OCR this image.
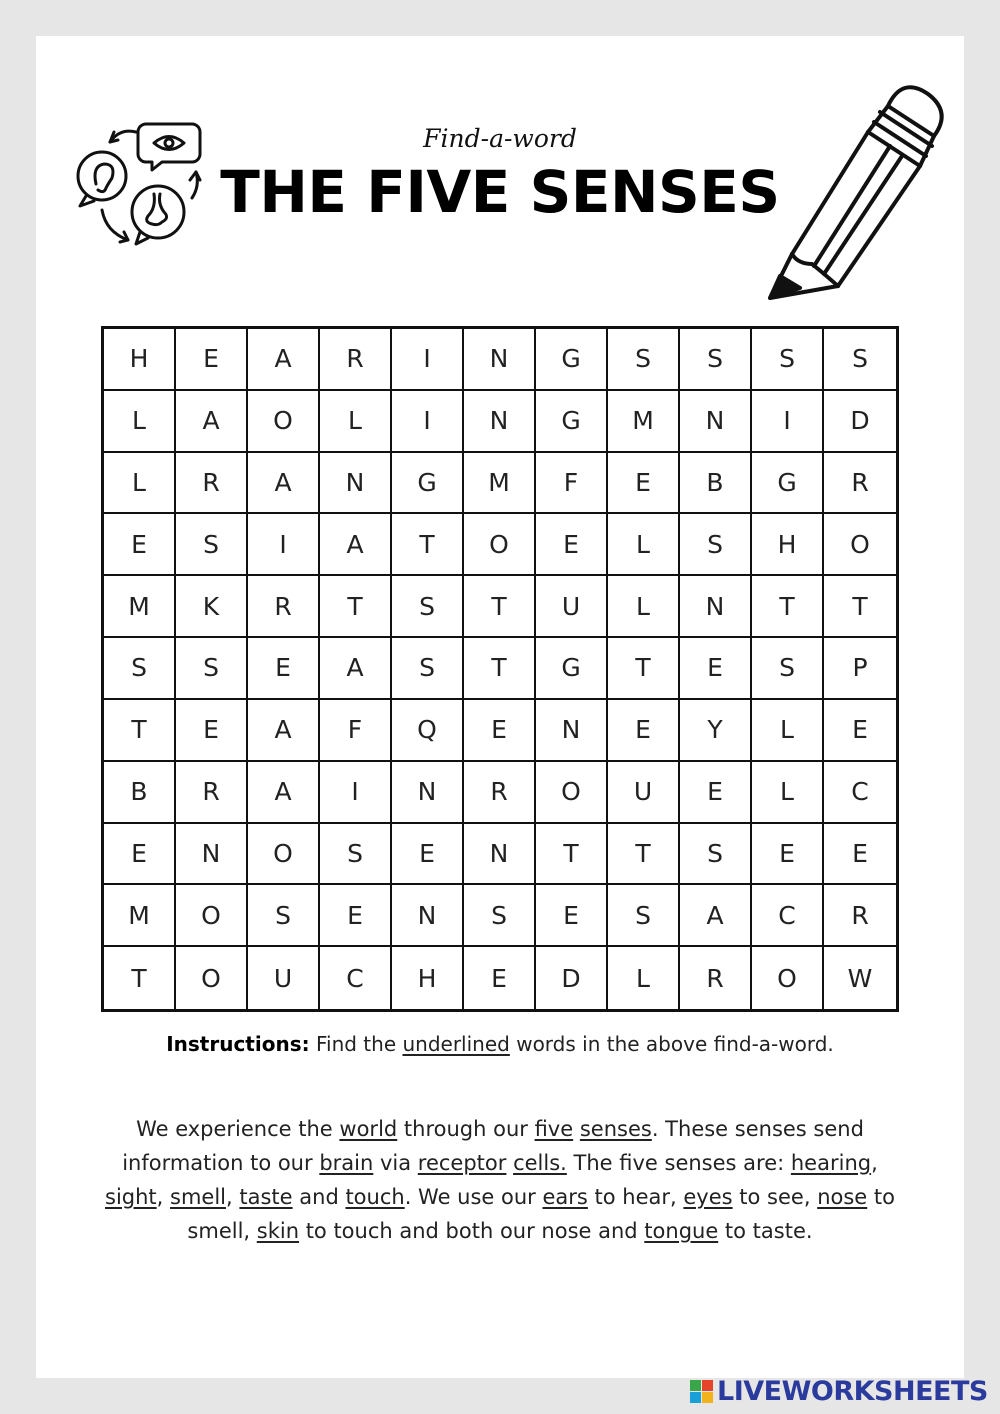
Find-a-word
THE FIVE SENSES
H	E	A	R	I	N	G	S	S	S	S
L	A	O	L	I	N	G	M	N	I	D
L	R	A	N	G	M	F	E	B	G	R
E	S	I	A	T	O	E	L	S	H	O
M	K	R	T	S	T	U	L	N	T	T
S	S	E	A	S	T	G	T	E	S	P
T	E	A	F	Q	E	N	E	Y	L	E
B	R	A	I	N	R	O	U	E	L	C
E	N	O	S	E	N	T	T	S	E	E
M	O	S	E	N	S	E	S	A	C	R
T	O	U	C	H	E	D	L	R	O	W
Instructions: Find the underlined words in the above find-a-word.
We experience the world through our five senses. These senses send information to our brain via receptor cells. The five senses are: hearing, sight, smell, taste and touch. We use our ears to hear, eyes to see, nose to smell, skin to touch and both our nose and tongue to taste.
LIVEWORKSHEETS
